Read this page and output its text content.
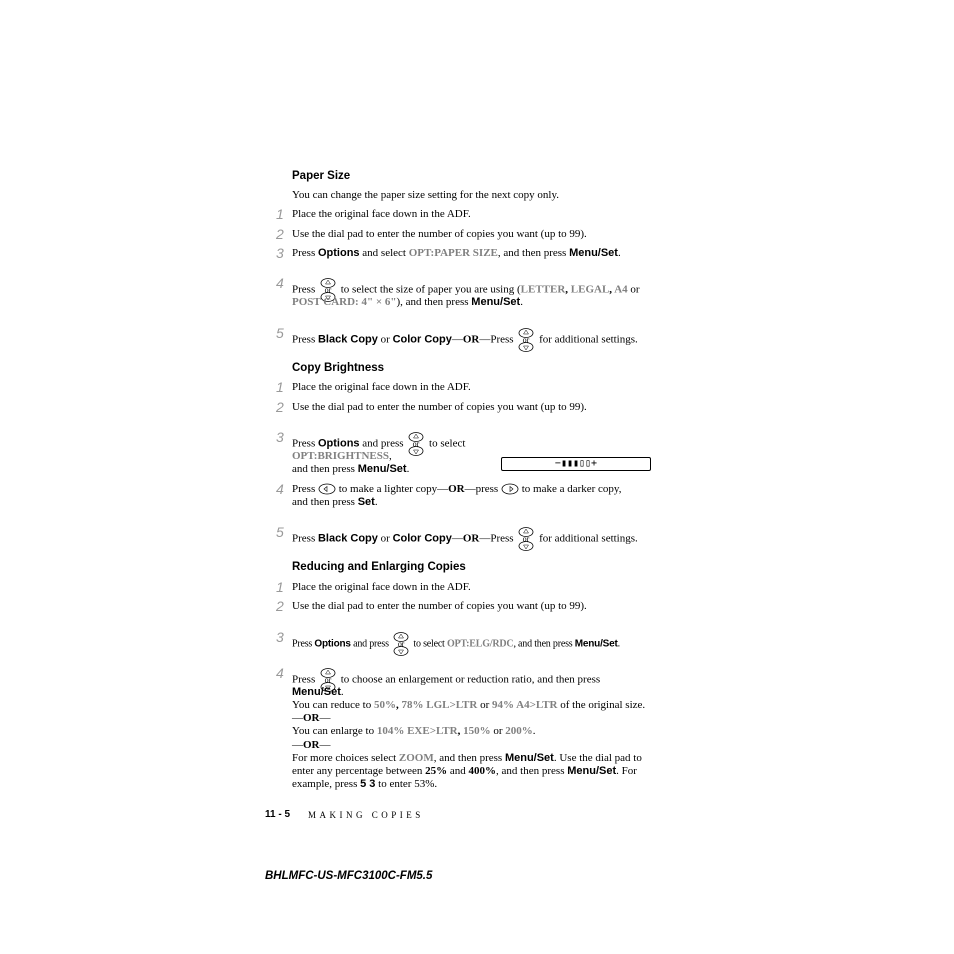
Paper Size
You can change the paper size setting for the next copy only.
1 Place the original face down in the ADF.
2 Use the dial pad to enter the number of copies you want (up to 99).
3 Press Options and select OPT:PAPER SIZE, and then press Menu/Set.
4 Press or to select the size of paper you are using (LETTER, LEGAL, A4 or
POST CARD: 4" × 6"), and then press Menu/Set.
5 Press Black Copy or Color Copy—OR—Press or for additional settings.
Copy Brightness
1 Place the original face down in the ADF.
2 Use the dial pad to enter the number of copies you want (up to 99).
3 Press Options and press or to select
OPT:BRIGHTNESS,
and then press Menu/Set.	−▮▮▮▯▯+
4 Press  to make a lighter copy—OR—press  to make a darker copy,
and then press Set.
5 Press Black Copy or Color Copy—OR—Press or for additional settings.
Reducing and Enlarging Copies
1 Place the original face down in the ADF.
2 Use the dial pad to enter the number of copies you want (up to 99).
3 Press Options and press or to select OPT:ELG/RDC, and then press Menu/Set.
4 Press or to choose an enlargement or reduction ratio, and then press
Menu/Set.
You can reduce to 50%, 78% LGL>LTR or 94% A4>LTR of the original size.
—OR—
You can enlarge to 104% EXE>LTR, 150% or 200%.
—OR—
For more choices select ZOOM, and then press Menu/Set. Use the dial pad to
enter any percentage between 25% and 400%, and then press Menu/Set. For
example, press 5 3 to enter 53%.
11 - 5 MAKING COPIES
BHLMFC-US-MFC3100C-FM5.5
